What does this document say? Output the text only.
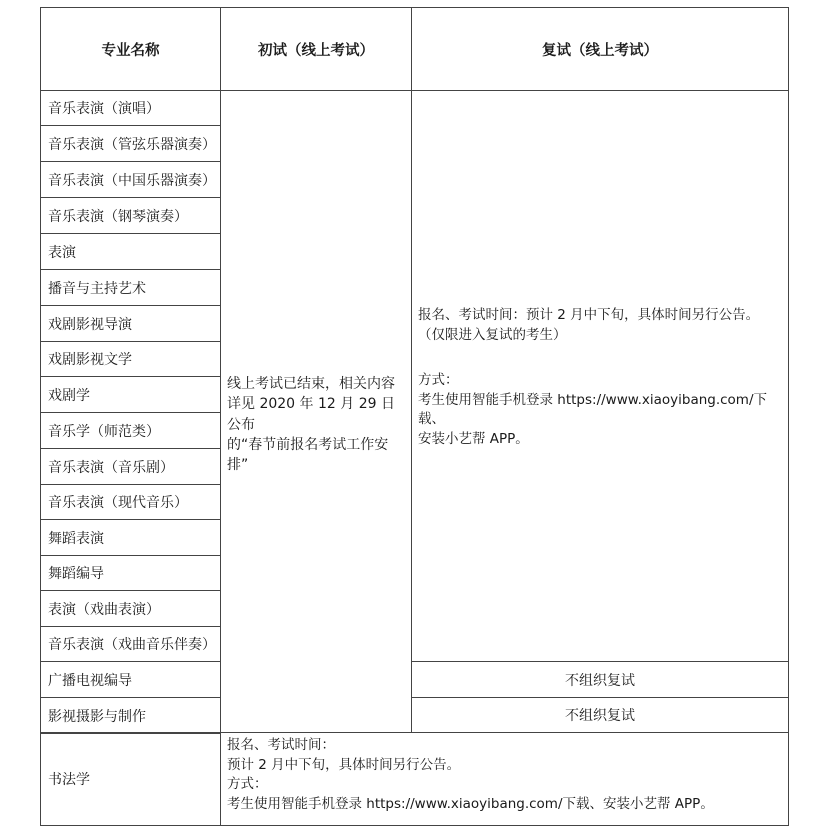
专业名称	初试（线上考试）	复试（线上考试）
音乐表演（演唱）
音乐表演（管弦乐器演奏）
音乐表演（中国乐器演奏）
音乐表演（钢琴演奏）
表演
播音与主持艺术
戏剧影视导演
戏剧影视文学
戏剧学
音乐学（师范类）
音乐表演（音乐剧）
音乐表演（现代音乐）
舞蹈表演
舞蹈编导
表演（戏曲表演）
音乐表演（戏曲音乐伴奏）
广播电视编导
影视摄影与制作

线上考试已结束，相关内容

详见 2020 年 12 月 29 日公布

的“春节前报名考试工作安

排”

报名、考试时间：预计 2 月中下旬，具体时间另行公告。

（仅限进入复试的考生）

方式：

考生使用智能手机登录 https://www.xiaoyibang.com/下载、

安装小艺帮 APP。

不组织复试
不组织复试
书法学

报名、考试时间：

预计 2 月中下旬，具体时间另行公告。

方式：

考生使用智能手机登录 https://www.xiaoyibang.com/下载、安装小艺帮 APP。
